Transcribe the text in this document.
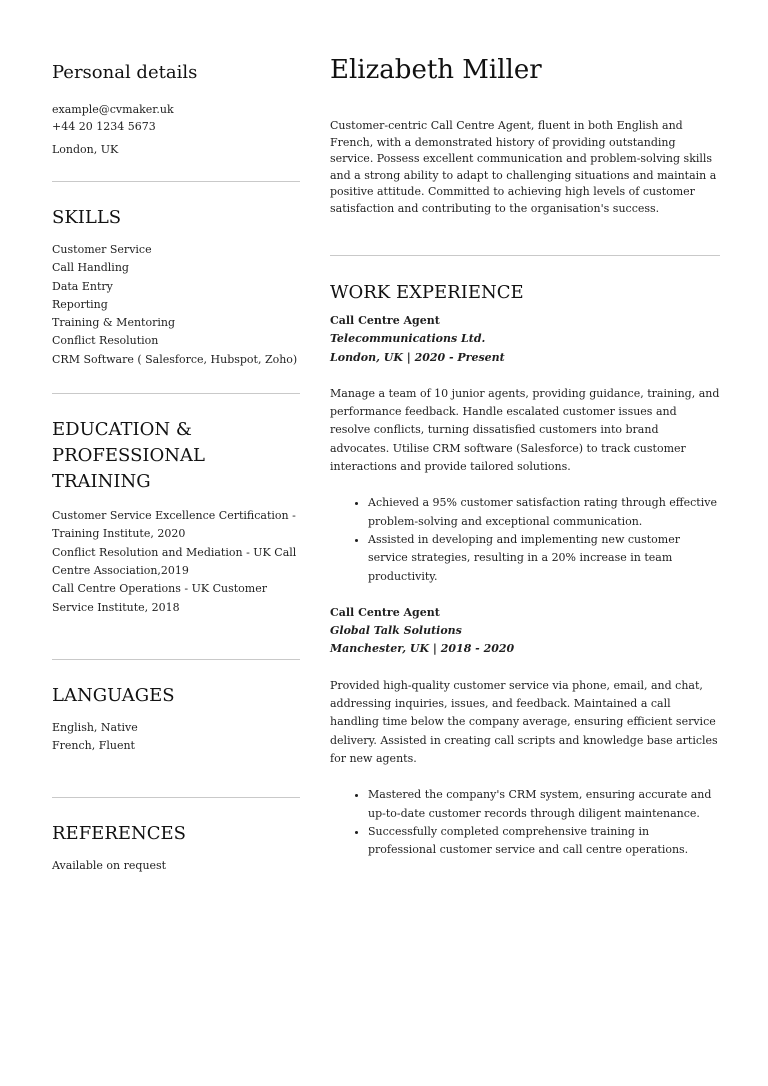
Personal details

example@cvmaker.uk

+44 20 1234 5673

London, UK

SKILLS

Customer Service

Call Handling

Data Entry

Reporting

Training & Mentoring

Conflict Resolution

CRM Software ( Salesforce, Hubspot, Zoho)

EDUCATION & PROFESSIONAL TRAINING

Customer Service Excellence Certification - Training Institute, 2020

Conflict Resolution and Mediation - UK Call Centre Association,2019

Call Centre Operations - UK Customer Service Institute, 2018

LANGUAGES

English, Native

French, Fluent

REFERENCES

Available on request

Elizabeth Miller

Customer-centric Call Centre Agent, fluent in both English and French, with a demonstrated history of providing outstanding service. Possess excellent communication and problem-solving skills and a strong ability to adapt to challenging situations and maintain a positive attitude. Committed to achieving high levels of customer satisfaction and contributing to the organisation's success.

WORK EXPERIENCE

Call Centre Agent

Telecommunications Ltd.

London, UK | 2020 - Present

Manage a team of 10 junior agents, providing guidance, training, and performance feedback. Handle escalated customer issues and resolve conflicts, turning dissatisfied customers into brand advocates. Utilise CRM software (Salesforce) to track customer interactions and provide tailored solutions.

• Achieved a 95% customer satisfaction rating through effective problem-solving and exceptional communication.
• Assisted in developing and implementing new customer service strategies, resulting in a 20% increase in team productivity.

Call Centre Agent

Global Talk Solutions

Manchester, UK | 2018 - 2020

Provided high-quality customer service via phone, email, and chat, addressing inquiries, issues, and feedback. Maintained a call handling time below the company average, ensuring efficient service delivery. Assisted in creating call scripts and knowledge base articles for new agents.

• Mastered the company's CRM system, ensuring accurate and up-to-date customer records through diligent maintenance.
• Successfully completed comprehensive training in professional customer service and call centre operations.
